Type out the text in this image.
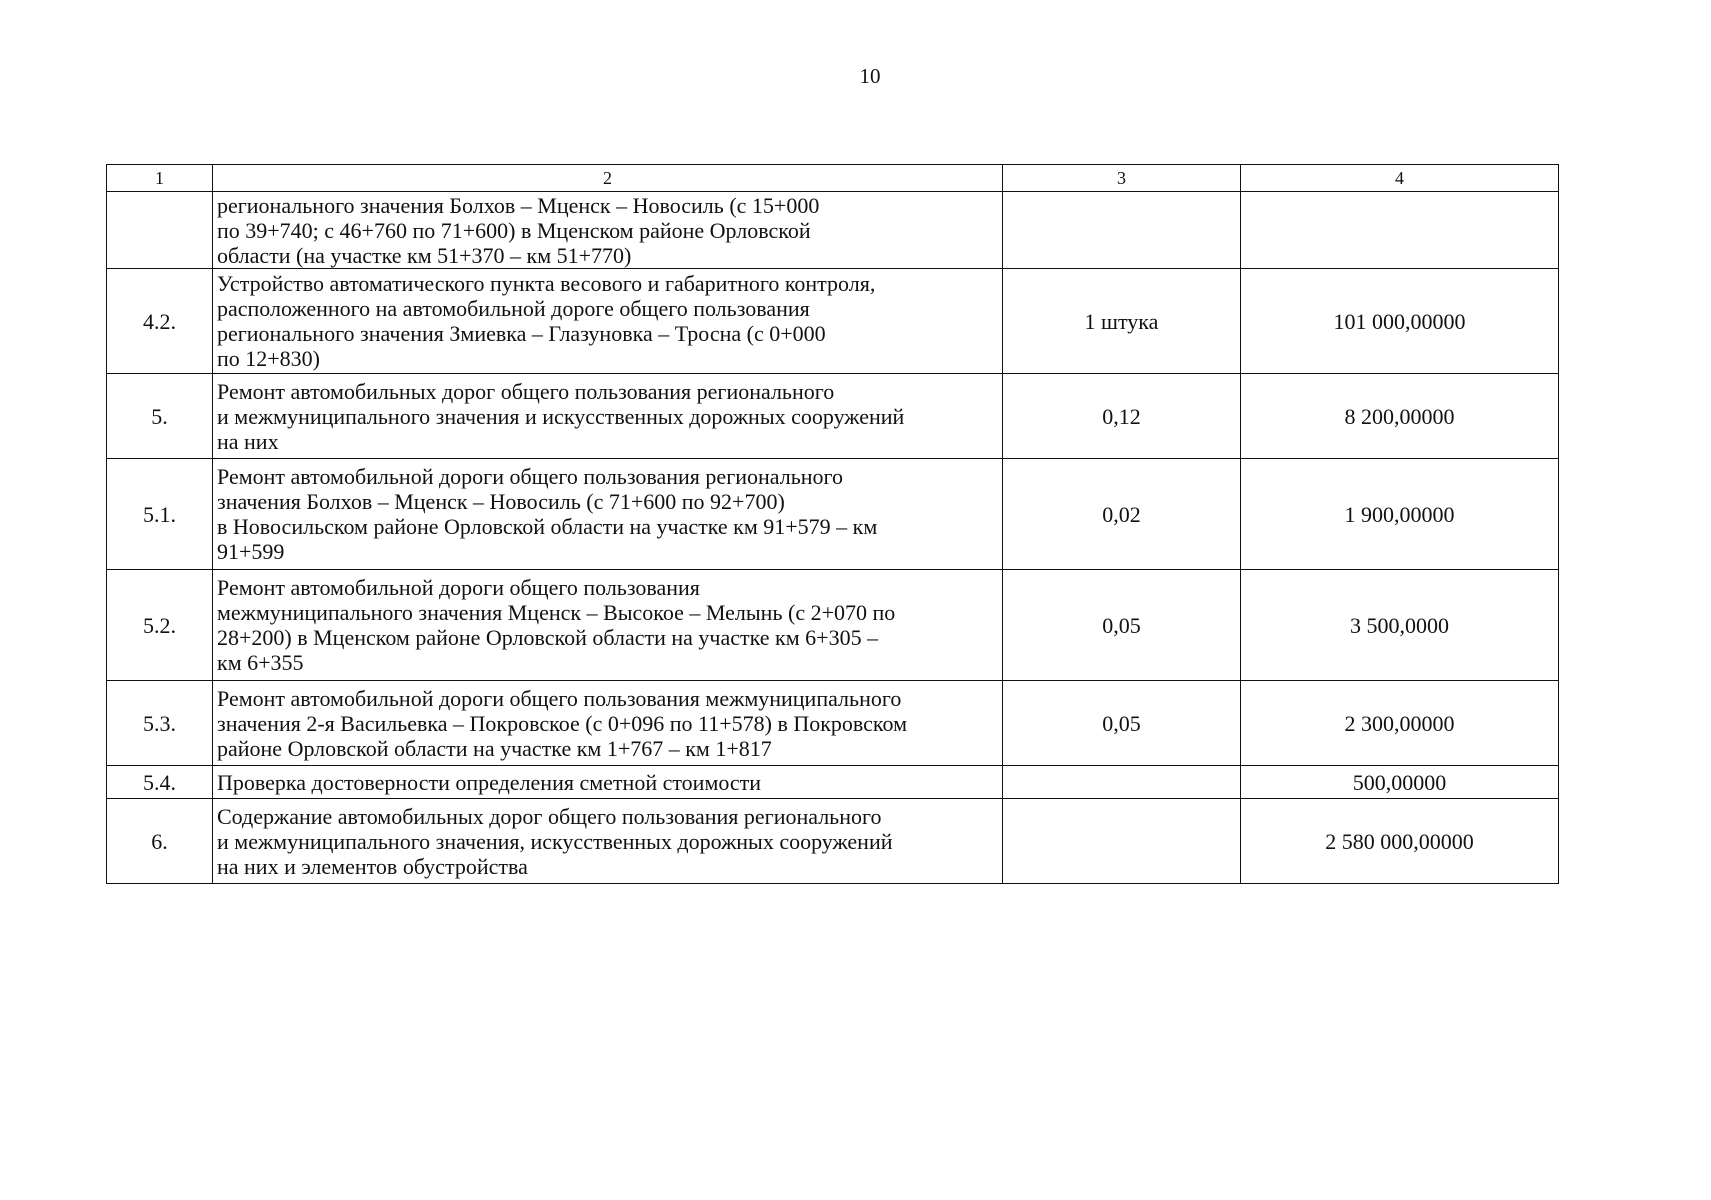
10
1	2	3	4
	регионального значения Болхов – Мценск – Новосиль (с 15+000
по 39+740; с 46+760 по 71+600) в Мценском районе Орловской
области (на участке км 51+370 – км 51+770)		
4.2.	Устройство автоматического пункта весового и габаритного контроля,
расположенного на автомобильной дороге общего пользования
регионального значения Змиевка – Глазуновка – Тросна (с 0+000
по 12+830)	1 штука	101 000,00000
5.	Ремонт автомобильных дорог общего пользования регионального
и межмуниципального значения и искусственных дорожных сооружений
на них	0,12	8 200,00000
5.1.	Ремонт автомобильной дороги общего пользования регионального
значения Болхов – Мценск – Новосиль (с 71+600 по 92+700)
в Новосильском районе Орловской области на участке км 91+579 – км
91+599	0,02	1 900,00000
5.2.	Ремонт автомобильной дороги общего пользования
межмуниципального значения Мценск – Высокое – Мелынь (с 2+070 по
28+200) в Мценском районе Орловской области на участке км 6+305 –
км 6+355	0,05	3 500,0000
5.3.	Ремонт автомобильной дороги общего пользования межмуниципального
значения 2-я Васильевка – Покровское (с 0+096 по 11+578) в Покровском
районе Орловской области на участке км 1+767 – км 1+817	0,05	2 300,00000
5.4.	Проверка достоверности определения сметной стоимости		500,00000
6.	Содержание автомобильных дорог общего пользования регионального
и межмуниципального значения, искусственных дорожных сооружений
на них и элементов обустройства		2 580 000,00000
